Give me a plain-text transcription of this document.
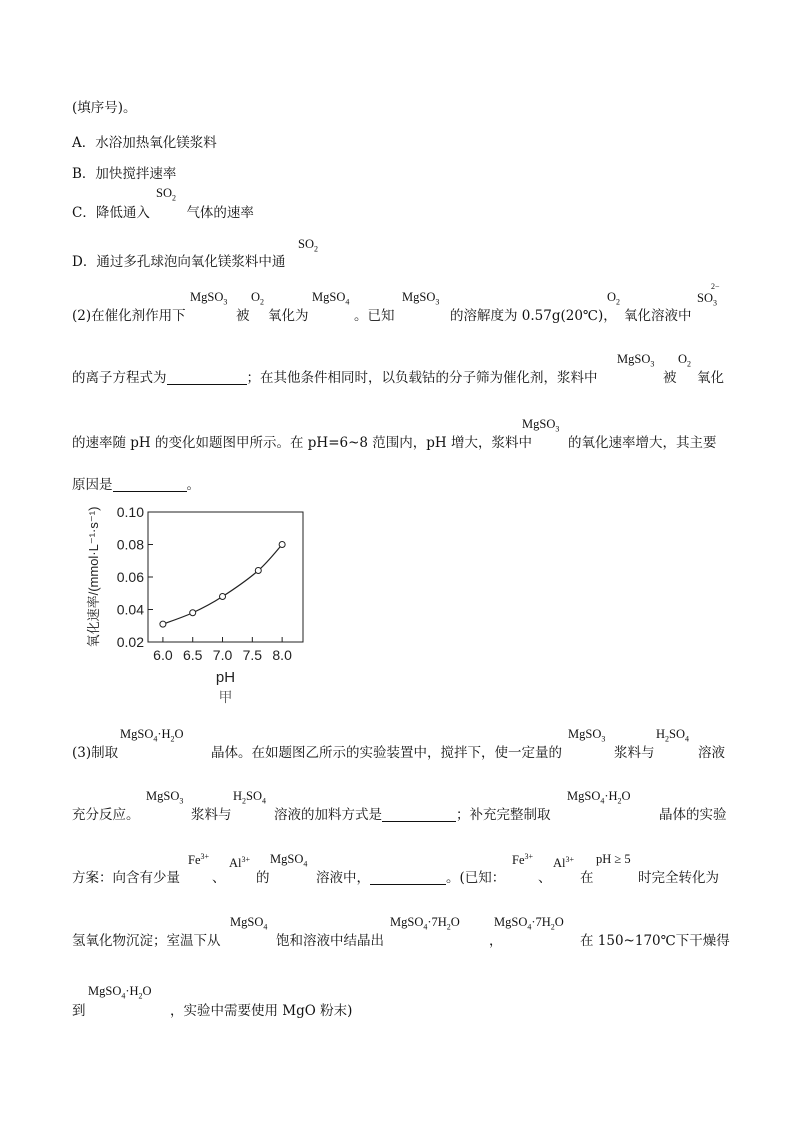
(填序号)。
A．水浴加热氧化镁浆料
B．加快搅拌速率
C．降低通入	气体的速率
$SO_2$
D．通过多孔球泡向氧化镁浆料中通
$SO_2$
(2)在催化剂作用下
MgSO$_3$
被
$O_2$
氧化为
MgSO$_4$
。已知
MgSO$_3$
的溶解度为 0.57g(20℃)，
$O_2$
氧化溶液中
$SO_3^{2-}$
的离子方程式为	；在其他条件相同时，以负载钴的分子筛为催化剂，浆料中
MgSO$_3$
被
$O_2$
氧化
的速率随 pH 的变化如题图甲所示。在 pH=6~8 范围内，pH 增大，浆料中
MgSO$_3$
的氧化速率增大，其主要
原因是	。
0.02
0.04
0.06
0.08
0.10
6.0 6.5 7.0 7.5 8.0
pH
甲
氧化速率/(mmol·L⁻¹·s⁻¹)
(3)制取
$MgSO_4\cdot H_2O$
晶体。在如题图乙所示的实验装置中，搅拌下，使一定量的
MgSO$_3$
浆料与
$H_2SO_4$
溶液
充分反应。
MgSO$_3$
浆料与
$H_2SO_4$
溶液的加料方式是	；补充完整制取
$MgSO_4\cdot H_2O$
晶体的实验
方案：向含有少量
$Fe^{3+}$
、
$Al^{3+}$
的
MgSO$_4$
溶液中，	。(已知：
$Fe^{3+}$
、
$Al^{3+}$
在
pH ≥ 5
时完全转化为
氢氧化物沉淀；室温下从
MgSO$_4$
饱和溶液中结晶出
$MgSO_4\cdot 7H_2O$
，
$MgSO_4\cdot 7H_2O$
在 150~170℃下干燥得
到
$MgSO_4\cdot H_2O$
，实验中需要使用 MgO 粉末)
